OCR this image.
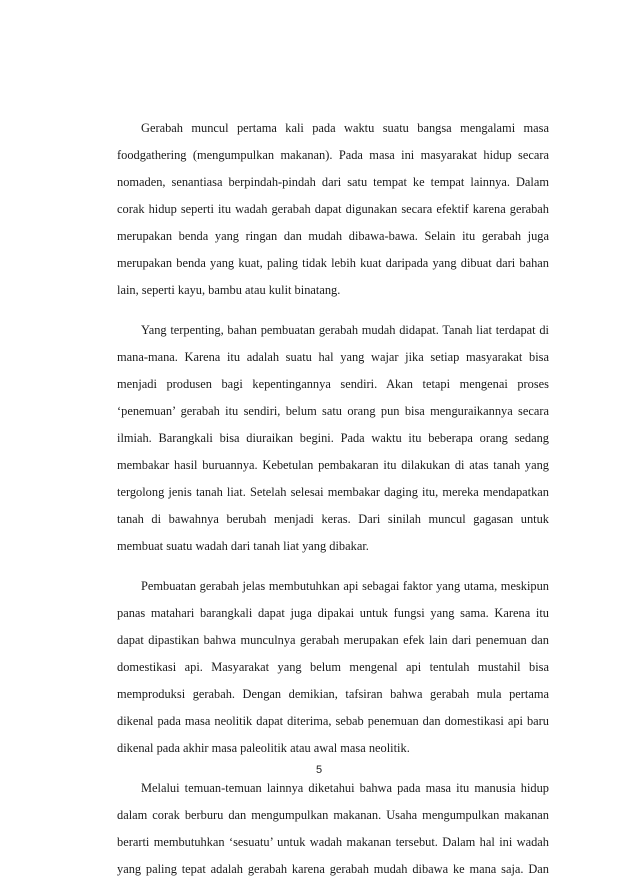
Gerabah muncul pertama kali pada waktu suatu bangsa mengalami masa
foodgathering (mengumpulkan makanan). Pada masa ini masyarakat hidup secara
nomaden, senantiasa berpindah-pindah dari satu tempat ke tempat lainnya. Dalam
corak hidup seperti itu wadah gerabah dapat digunakan secara efektif karena gerabah
merupakan benda yang ringan dan mudah dibawa-bawa. Selain itu gerabah juga
merupakan benda yang kuat, paling tidak lebih kuat daripada yang dibuat dari bahan
lain, seperti kayu, bambu atau kulit binatang.
Yang terpenting, bahan pembuatan gerabah mudah didapat. Tanah liat terdapat di
mana-mana. Karena itu adalah suatu hal yang wajar jika setiap masyarakat bisa
menjadi produsen bagi kepentingannya sendiri. Akan tetapi mengenai proses
‘penemuan’ gerabah itu sendiri, belum satu orang pun bisa menguraikannya secara
ilmiah. Barangkali bisa diuraikan begini. Pada waktu itu beberapa orang sedang
membakar hasil buruannya. Kebetulan pembakaran itu dilakukan di atas tanah yang
tergolong jenis tanah liat. Setelah selesai membakar daging itu, mereka mendapatkan
tanah di bawahnya berubah menjadi keras. Dari sinilah muncul gagasan untuk
membuat suatu wadah dari tanah liat yang dibakar.
Pembuatan gerabah jelas membutuhkan api sebagai faktor yang utama, meskipun
panas matahari barangkali dapat juga dipakai untuk fungsi yang sama. Karena itu
dapat dipastikan bahwa munculnya gerabah merupakan efek lain dari penemuan dan
domestikasi api. Masyarakat yang belum mengenal api tentulah mustahil bisa
memproduksi gerabah. Dengan demikian, tafsiran bahwa gerabah mula pertama
dikenal pada masa neolitik dapat diterima, sebab penemuan dan domestikasi api baru
dikenal pada akhir masa paleolitik atau awal masa neolitik.
Melalui temuan-temuan lainnya diketahui bahwa pada masa itu manusia hidup
dalam corak berburu dan mengumpulkan makanan. Usaha mengumpulkan makanan
berarti membutuhkan ‘sesuatu’ untuk wadah makanan tersebut. Dalam hal ini wadah
yang paling tepat adalah gerabah karena gerabah mudah dibawa ke mana saja. Dan
5
